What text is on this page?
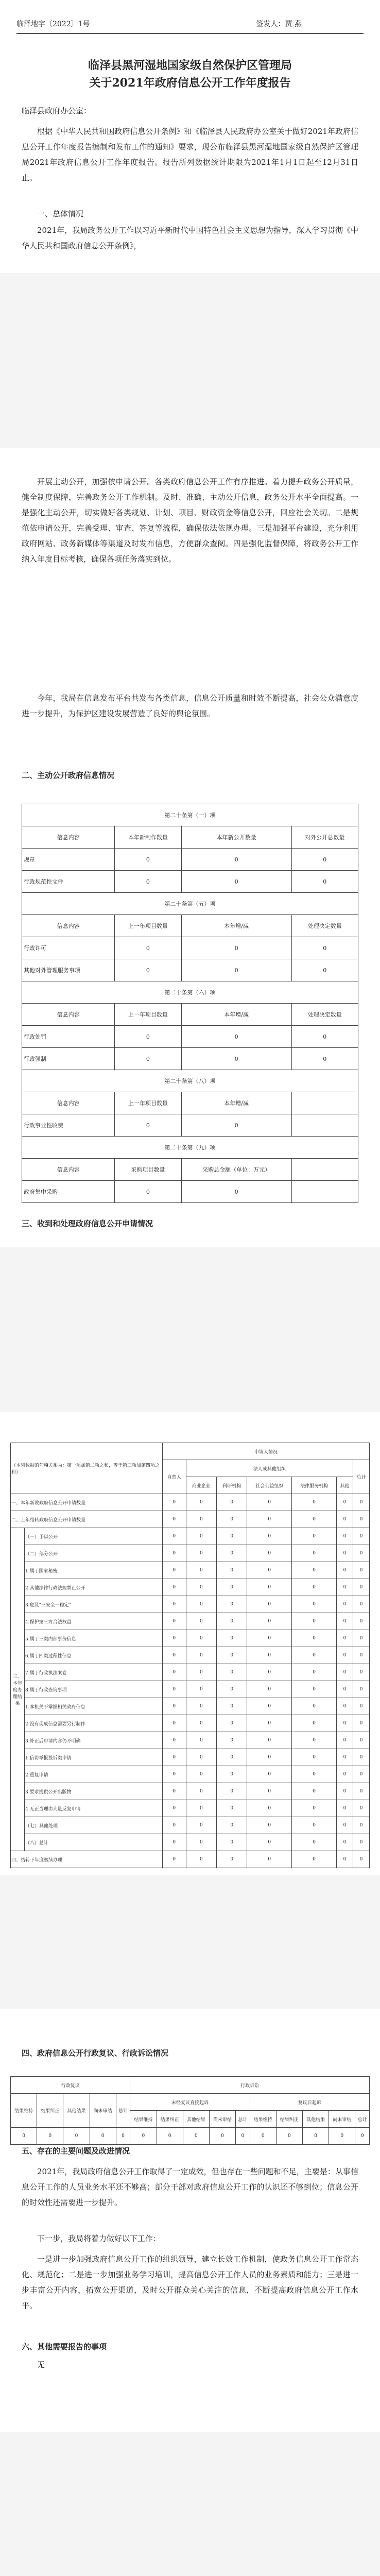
临泽地字〔2022〕1号	签发人：贾 燕
临泽县黑河湿地国家级自然保护区管理局
关于2021年政府信息公开工作年度报告
临泽县政府办公室：
根据《中华人民共和国政府信息公开条例》和《临泽县人民政府办公室关于做好2021年政府信息公开工作年度报告编制和发布工作的通知》要求，现公布临泽县黑河湿地国家级自然保护区管理局2021年政府信息公开工作年度报告。报告所列数据统计期限为2021年1月1日起至12月31日止。
一、总体情况
2021年，我局政务公开工作以习近平新时代中国特色社会主义思想为指导，深入学习贯彻《中华人民共和国政府信息公开条例》，
开展主动公开，加强依申请公开。各类政府信息公开工作有序推进。着力提升政务公开质量，健全制度保障，完善政务公开工作机制。及时、准确、主动公开信息，政务公开水平全面提高。一是强化主动公开，切实做好各类规划、计划、项目、财政资金等信息公开，回应社会关切。二是规范依申请公开，完善受理、审查、答复等流程，确保依法依规办理。三是加强平台建设，充分利用政府网站、政务新媒体等渠道及时发布信息，方便群众查阅。四是强化监督保障，将政务公开工作纳入年度目标考核，确保各项任务落实到位。
今年，我局在信息发布平台共发布各类信息，信息公开质量和时效不断提高，社会公众满意度进一步提升，为保护区建设发展营造了良好的舆论氛围。
二、主动公开政府信息情况
第二十条第（一）项			
信息内容	本年新制作数量	本年新公开数量	对外公开总数量
规章	0	0	0
行政规范性文件	0	0	0
第二十条第（五）项			
信息内容	上一年项目数量	本年增/减	处理决定数量
行政许可	0	0	0
其他对外管理服务事项	0	0	0
第二十条第（六）项			
信息内容	上一年项目数量	本年增/减	处理决定数量
行政处罚	0	0	0
行政强制	0	0	0
第二十条第（八）项			
信息内容	上一年项目数量	本年增/减	
行政事业性收费	0	0	
第二十条第（九）项			
信息内容	采购项目数量	采购总金额（单位：万元）	
政府集中采购	0	0	
三、收到和处理政府信息公开申请情况
（本列数据的勾稽关系为：第一项加第二项之和，等于第三项加第四项之和）		申请人情况						
		自然人	法人或其他组织					总计
			商业企业	科研机构	社会公益组织	法律服务机构	其他	
一、本年新收政府信息公开申请数量		0	0	0	0	0	0	0
二、上年结转政府信息公开申请数量		0	0	0	0	0	0	0
三、本年度办理结果	（一）予以公开	0	0	0	0	0	0	0
	（二）部分公开	0	0	0	0	0	0	0
	1.属于国家秘密	0	0	0	0	0	0	0
	2.其他法律行政法规禁止公开	0	0	0	0	0	0	0
	3.危及"三安全一稳定"	0	0	0	0	0	0	0
	4.保护第三方合法权益	0	0	0	0	0	0	0
	5.属于三类内部事务信息	0	0	0	0	0	0	0
	6.属于四类过程性信息	0	0	0	0	0	0	0
	7.属于行政执法案卷	0	0	0	0	0	0	0
	8.属于行政查询事项	0	0	0	0	0	0	0
	1.本机关不掌握相关政府信息	0	0	0	0	0	0	0
	2.没有现成信息需要另行制作	0	0	0	0	0	0	0
	3.补正后申请内容仍不明确	0	0	0	0	0	0	0
	1.信访举报投诉类申请	0	0	0	0	0	0	0
	2.重复申请	0	0	0	0	0	0	0
	3.要求提供公开出版物	0	0	0	0	0	0	0
	4.无正当理由大量反复申请	0	0	0	0	0	0	0
	（七）其他处理	0	0	0	0	0	0	0
	（八）总计	0	0	0	0	0	0	0
四、结转下年度继续办理		0	0	0	0	0	0	0
四、政府信息公开行政复议、行政诉讼情况
行政复议					行政诉讼									
结果维持	结果纠正	其他结果	尚未审结	总计	未经复议直接起诉					复议后起诉				
					结果维持	结果纠正	其他结果	尚未审结	总计	结果维持	结果纠正	其他结果	尚未审结	总计
0	0	0	0	0	0	0	0	0	0	0	0	0	0	0
五、存在的主要问题及改进情况
2021年，我局政府信息公开工作取得了一定成效，但也存在一些问题和不足，主要是：从事信息公开工作的人员业务水平还不够高；部分干部对政府信息公开工作的认识还不够到位；信息公开的时效性还需要进一步提升。
下一步，我局将着力做好以下工作：
一是进一步加强政府信息公开工作的组织领导，建立长效工作机制，使政务信息公开工作常态化、规范化；二是进一步加强业务学习培训，提高信息公开工作人员的业务素质和能力；三是进一步丰富公开内容，拓宽公开渠道，及时公开群众关心关注的信息，不断提高政府信息公开工作水平。
六、其他需要报告的事项
无
